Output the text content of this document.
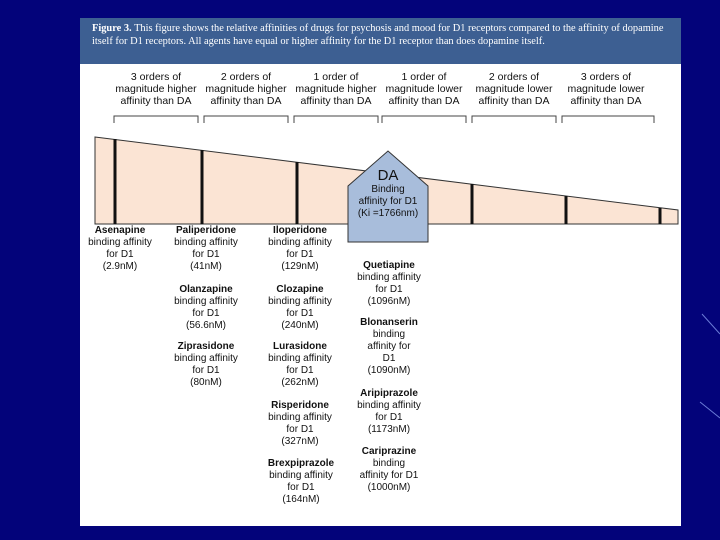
Figure 3. This figure shows the relative affinities of drugs for psychosis and mood for D1 receptors compared to the affinity of dopamine itself for D1 receptors. All agents have equal or higher affinity for the D1 receptor than does dopamine itself.
3 orders of
magnitude higher
affinity than DA
2 orders of
magnitude higher
affinity than DA
1 order of
magnitude higher
affinity than DA
1 order of
magnitude lower
affinity than DA
2 orders of
magnitude lower
affinity than DA
3 orders of
magnitude lower
affinity than DA
DA
Binding
affinity for D1
(Ki =1766nm)
Asenapine
binding affinity
for D1
(2.9nM)
Paliperidone
binding affinity
for D1
(41nM)
Olanzapine
binding affinity
for D1
(56.6nM)
Ziprasidone
binding affinity
for D1
(80nM)
Iloperidone
binding affinity
for D1
(129nM)
Clozapine
binding affinity
for D1
(240nM)
Lurasidone
binding affinity
for D1
(262nM)
Risperidone
binding affinity
for D1
(327nM)
Brexpiprazole
binding affinity
for D1
(164nM)
Quetiapine
binding affinity
for D1
(1096nM)
Blonanserin
binding
affinity for
D1
(1090nM)
Aripiprazole
binding affinity
for D1
(1173nM)
Cariprazine
binding
affinity for D1
(1000nM)
